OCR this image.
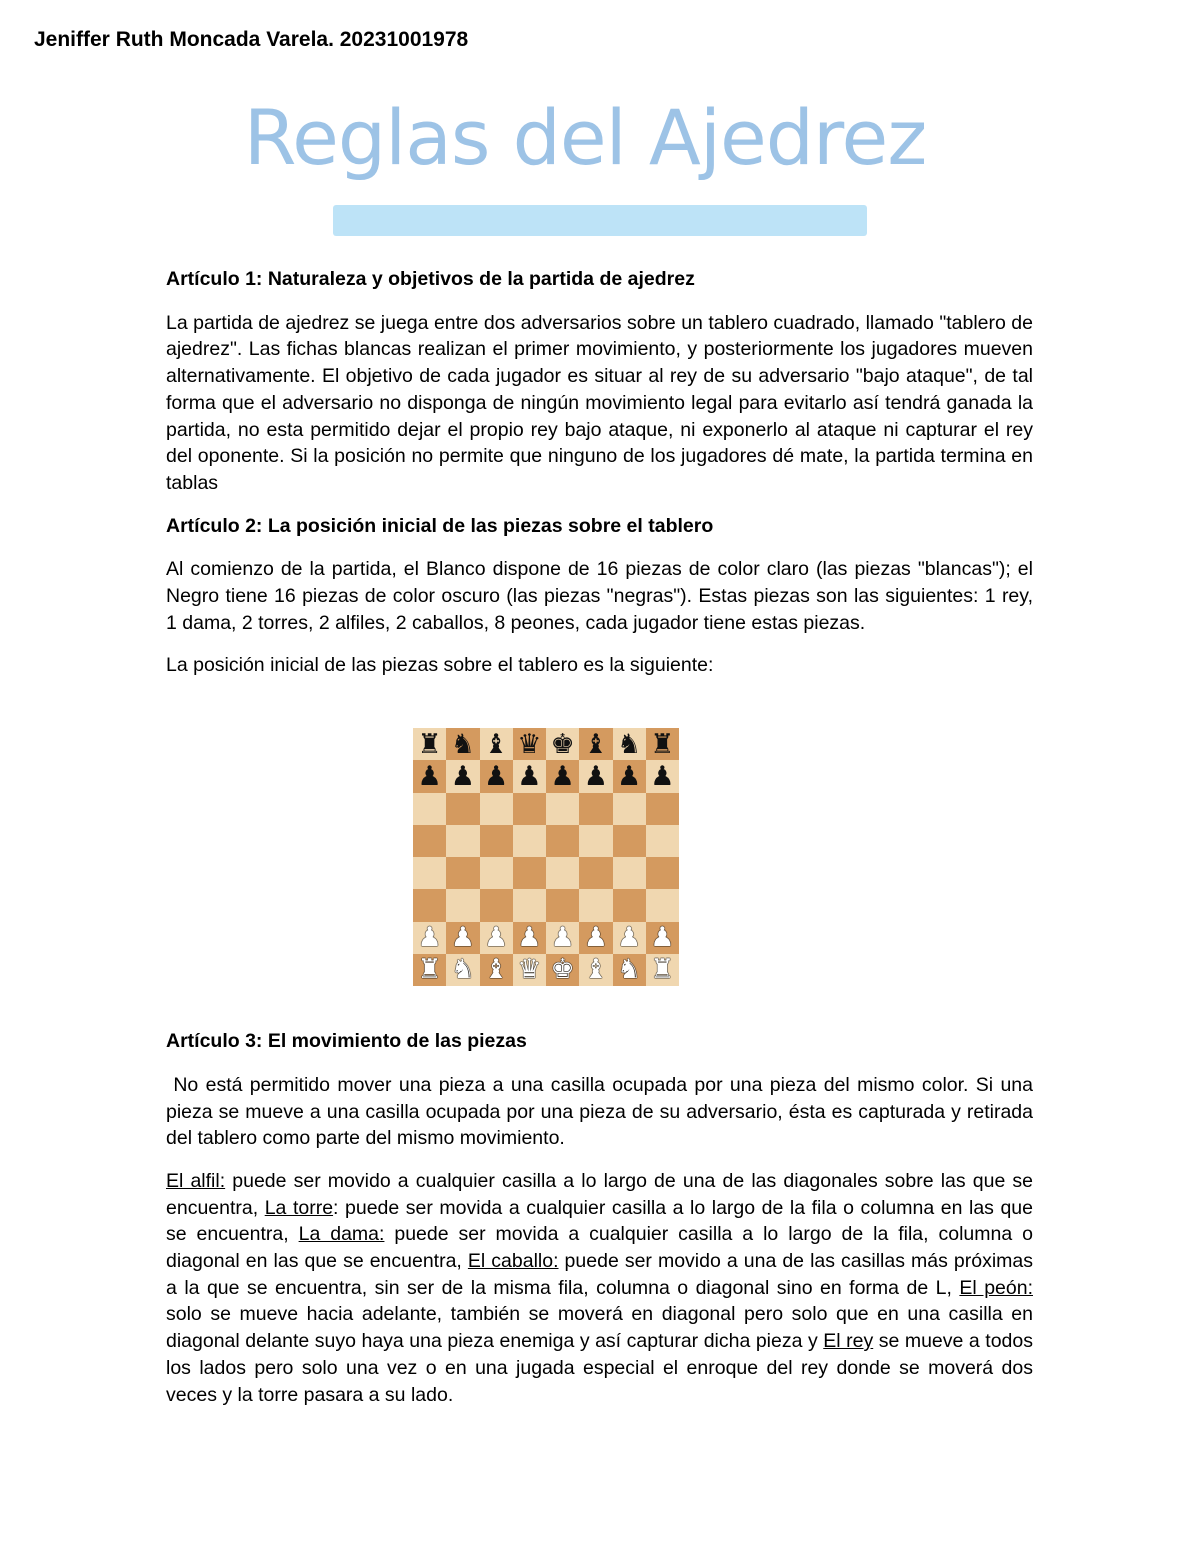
Jeniffer Ruth Moncada Varela. 20231001978
Reglas del Ajedrez
Artículo 1: Naturaleza y objetivos de la partida de ajedrez
La partida de ajedrez se juega entre dos adversarios sobre un tablero cuadrado, llamado "tablero de ajedrez". Las fichas blancas realizan el primer movimiento, y posteriormente los jugadores mueven alternativamente. El objetivo de cada jugador es situar al rey de su adversario "bajo ataque", de tal forma que el adversario no disponga de ningún movimiento legal para evitarlo así tendrá ganada la partida, no esta permitido dejar el propio rey bajo ataque, ni exponerlo al ataque ni capturar el rey del oponente. Si la posición no permite que ninguno de los jugadores dé mate, la partida termina en tablas
Artículo 2: La posición inicial de las piezas sobre el tablero
Al comienzo de la partida, el Blanco dispone de 16 piezas de color claro (las piezas "blancas"); el Negro tiene 16 piezas de color oscuro (las piezas "negras"). Estas piezas son las siguientes: 1 rey, 1 dama, 2 torres, 2 alfiles, 2 caballos, 8 peones, cada jugador tiene estas piezas.
La posición inicial de las piezas sobre el tablero es la siguiente:
Artículo 3: El movimiento de las piezas
No está permitido mover una pieza a una casilla ocupada por una pieza del mismo color. Si una pieza se mueve a una casilla ocupada por una pieza de su adversario, ésta es capturada y retirada del tablero como parte del mismo movimiento.
El alfil: puede ser movido a cualquier casilla a lo largo de una de las diagonales sobre las que se encuentra, La torre: puede ser movida a cualquier casilla a lo largo de la fila o columna en las que se encuentra, La dama: puede ser movida a cualquier casilla a lo largo de la fila, columna o diagonal en las que se encuentra, El caballo: puede ser movido a una de las casillas más próximas a la que se encuentra, sin ser de la misma fila, columna o diagonal sino en forma de L, El peón: solo se mueve hacia adelante, también se moverá en diagonal pero solo que en una casilla en diagonal delante suyo haya una pieza enemiga y así capturar dicha pieza y El rey se mueve a todos los lados pero solo una vez o en una jugada especial el enroque del rey donde se moverá dos veces y la torre pasara a su lado.
♜ ♞ ♝ ♛ ♚ ♝ ♞ ♜
♟ ♟ ♟ ♟ ♟ ♟ ♟ ♟
♟ ♟ ♟ ♟ ♟ ♟ ♟ ♟
♜ ♞ ♝ ♛ ♚ ♝ ♞ ♜
